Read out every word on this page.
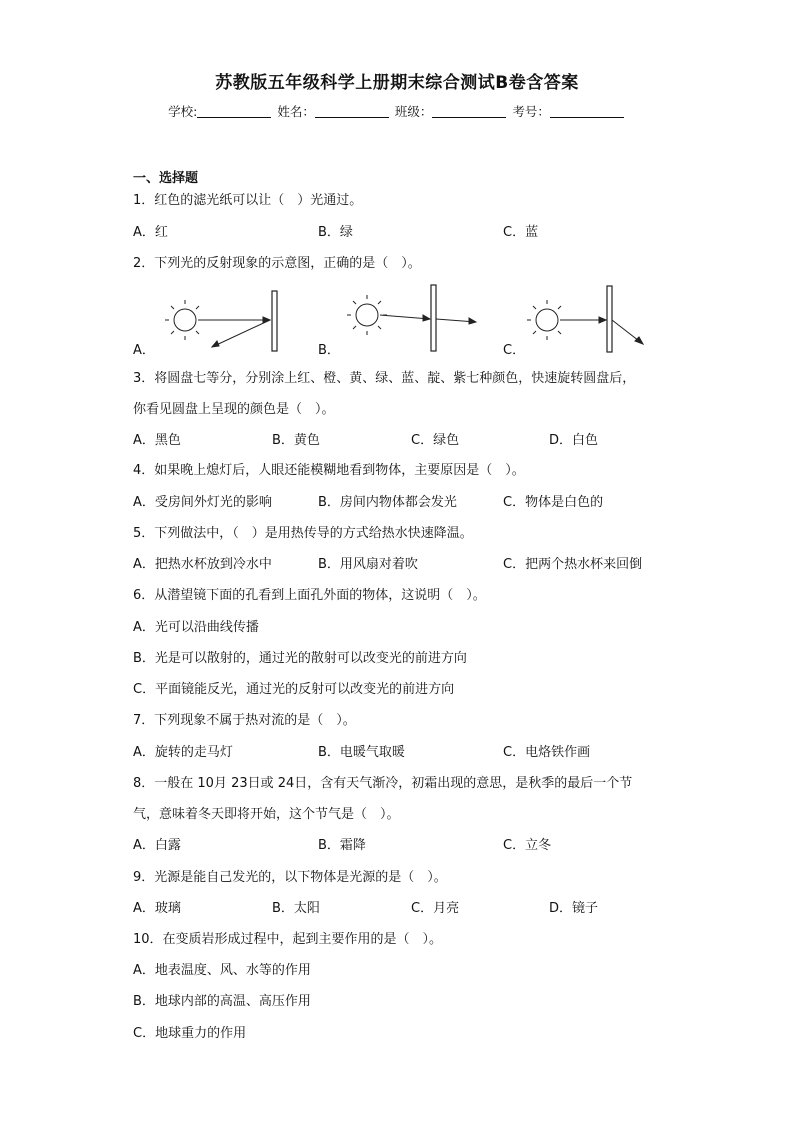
苏教版五年级科学上册期末综合测试B卷含答案
学校:	姓名：	班级：	考号：
一、选择题
1．红色的滤光纸可以让（　）光通过。
A．红	B．绿	C．蓝
2．下列光的反射现象的示意图，正确的是（　）。
A．	B．	C．
3．将圆盘七等分，分别涂上红、橙、黄、绿、蓝、靛、紫七种颜色，快速旋转圆盘后，
你看见圆盘上呈现的颜色是（　）。
A．黑色	B．黄色	C．绿色	D．白色
4．如果晚上熄灯后，人眼还能模糊地看到物体，主要原因是（　）。
A．受房间外灯光的影响	B．房间内物体都会发光	C．物体是白色的
5．下列做法中，（　）是用热传导的方式给热水快速降温。
A．把热水杯放到冷水中	B．用风扇对着吹	C．把两个热水杯来回倒
6．从潜望镜下面的孔看到上面孔外面的物体，这说明（　）。
A．光可以沿曲线传播
B．光是可以散射的，通过光的散射可以改变光的前进方向
C．平面镜能反光，通过光的反射可以改变光的前进方向
7．下列现象不属于热对流的是（　）。
A．旋转的走马灯	B．电暖气取暖	C．电烙铁作画
8．一般在 10月 23日或 24日，含有天气渐冷，初霜出现的意思，是秋季的最后一个节
气，意味着冬天即将开始，这个节气是（　）。
A．白露	B．霜降	C．立冬
9．光源是能自己发光的，以下物体是光源的是（　）。
A．玻璃	B．太阳	C．月亮	D．镜子
10．在变质岩形成过程中，起到主要作用的是（　）。
A．地表温度、风、水等的作用
B．地球内部的高温、高压作用
C．地球重力的作用
